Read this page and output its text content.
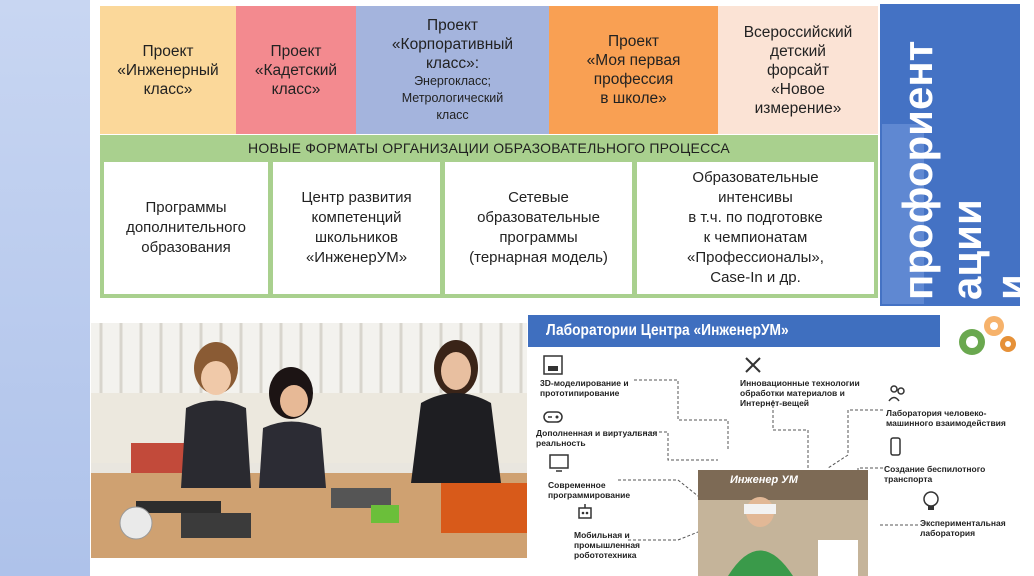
Проект
«Инженерный
класс»
Проект
«Кадетский
класс»
Проект
«Корпоративный
класс»:
Энергокласс;
Метрологический
класс
Проект
«Моя первая
профессия
в школе»
Всероссийский
детский
форсайт
«Новое
измерение»
НОВЫЕ ФОРМАТЫ ОРГАНИЗАЦИИ ОБРАЗОВАТЕЛЬНОГО ПРОЦЕССА
Программы
дополнительного
образования
Центр развития
компетенций
школьников
«ИнженерУМ»
Сетевые
образовательные
программы
(тернарная модель)
Образовательные
интенсивы
в т.ч. по подготовке
к чемпионатам
«Профессионалы»,
Case-In и др.	профориент ации
и
Лаборатории Центра «ИнженерУМ»
3D-моделирование и прототипирование
Дополненная и виртуальная реальность
Современное программирование
Мобильная и промышленная робототехника
Инновационные технологии обработки материалов и Интернет-вещей
Лаборатория человеко-машинного взаимодействия
Создание беспилотного транспорта
Экспериментальная лаборатория
Инженер УМ
